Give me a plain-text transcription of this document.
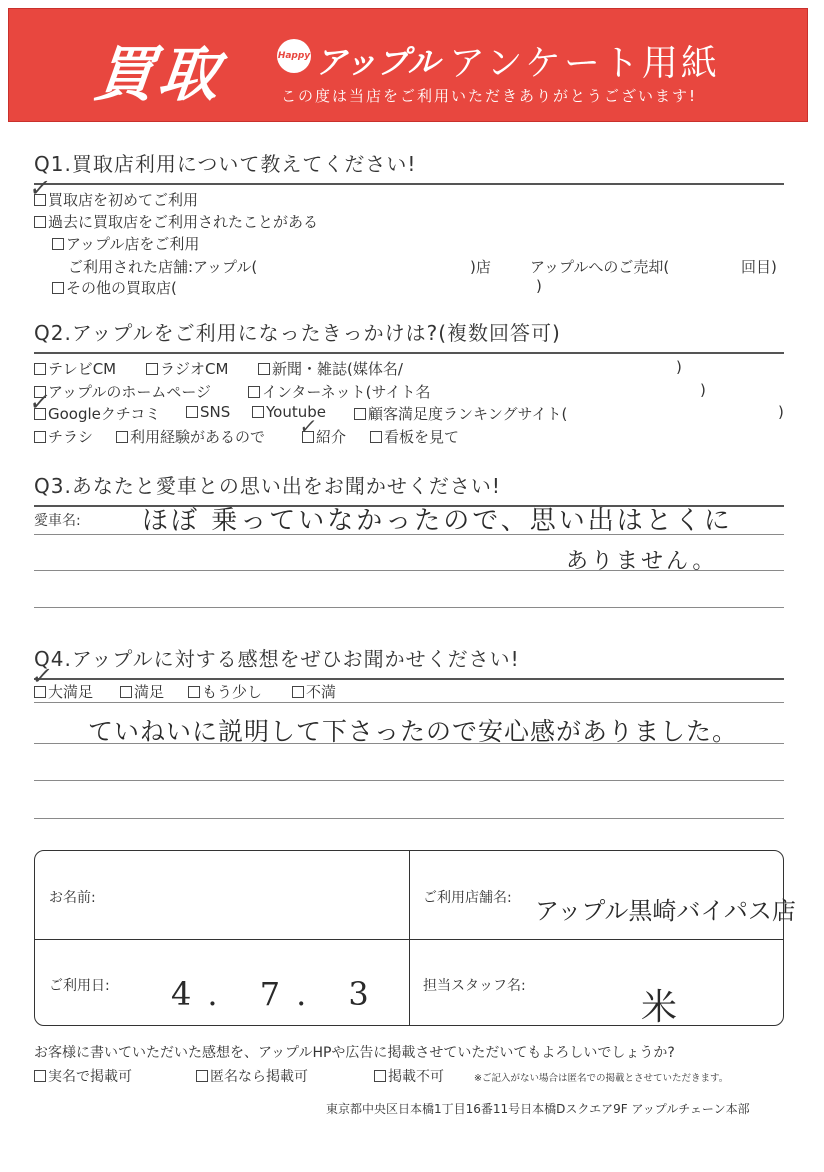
買取	Happy アップル アンケート用紙
この度は当店をご利用いただきありがとうございます!
Q1.買取店利用について教えてください!
買取店を初めてご利用
✓
過去に買取店をご利用されたことがある
アップル店をご利用
ご利用された店舗:アップル(	)店	アップルへのご売却(	回目)
その他の買取店(	)
Q2.アップルをご利用になったきっかけは?(複数回答可)
テレビCM	ラジオCM	新聞・雑誌(媒体名/	)
アップルのホームページ	インターネット(サイト名	)
Googleクチコミ
✓	SNS	Youtube	顧客満足度ランキングサイト(	)
チラシ	利用経験があるので	紹介
✓	看板を見て
Q3.あなたと愛車との思い出をお聞かせください!
愛車名: ほぼ 乗っていなかったので、思い出はとくに
ありません。
Q4.アップルに対する感想をぜひお聞かせください!
大満足
✓
満足	もう少し	不満
ていねいに説明して下さったので安心感がありました。
お名前:	ご利用店舗名: アップル黒崎バイパス店
ご利用日: 4. 7. 3	担当スタッフ名:
米
お客様に書いていただいた感想を、アップルHPや広告に掲載させていただいてもよろしいでしょうか?
実名で掲載可	匿名なら掲載可	掲載不可	※ご記入がない場合は匿名での掲載とさせていただきます。
東京都中央区日本橋1丁目16番11号日本橋Dスクエア9F アップルチェーン本部
